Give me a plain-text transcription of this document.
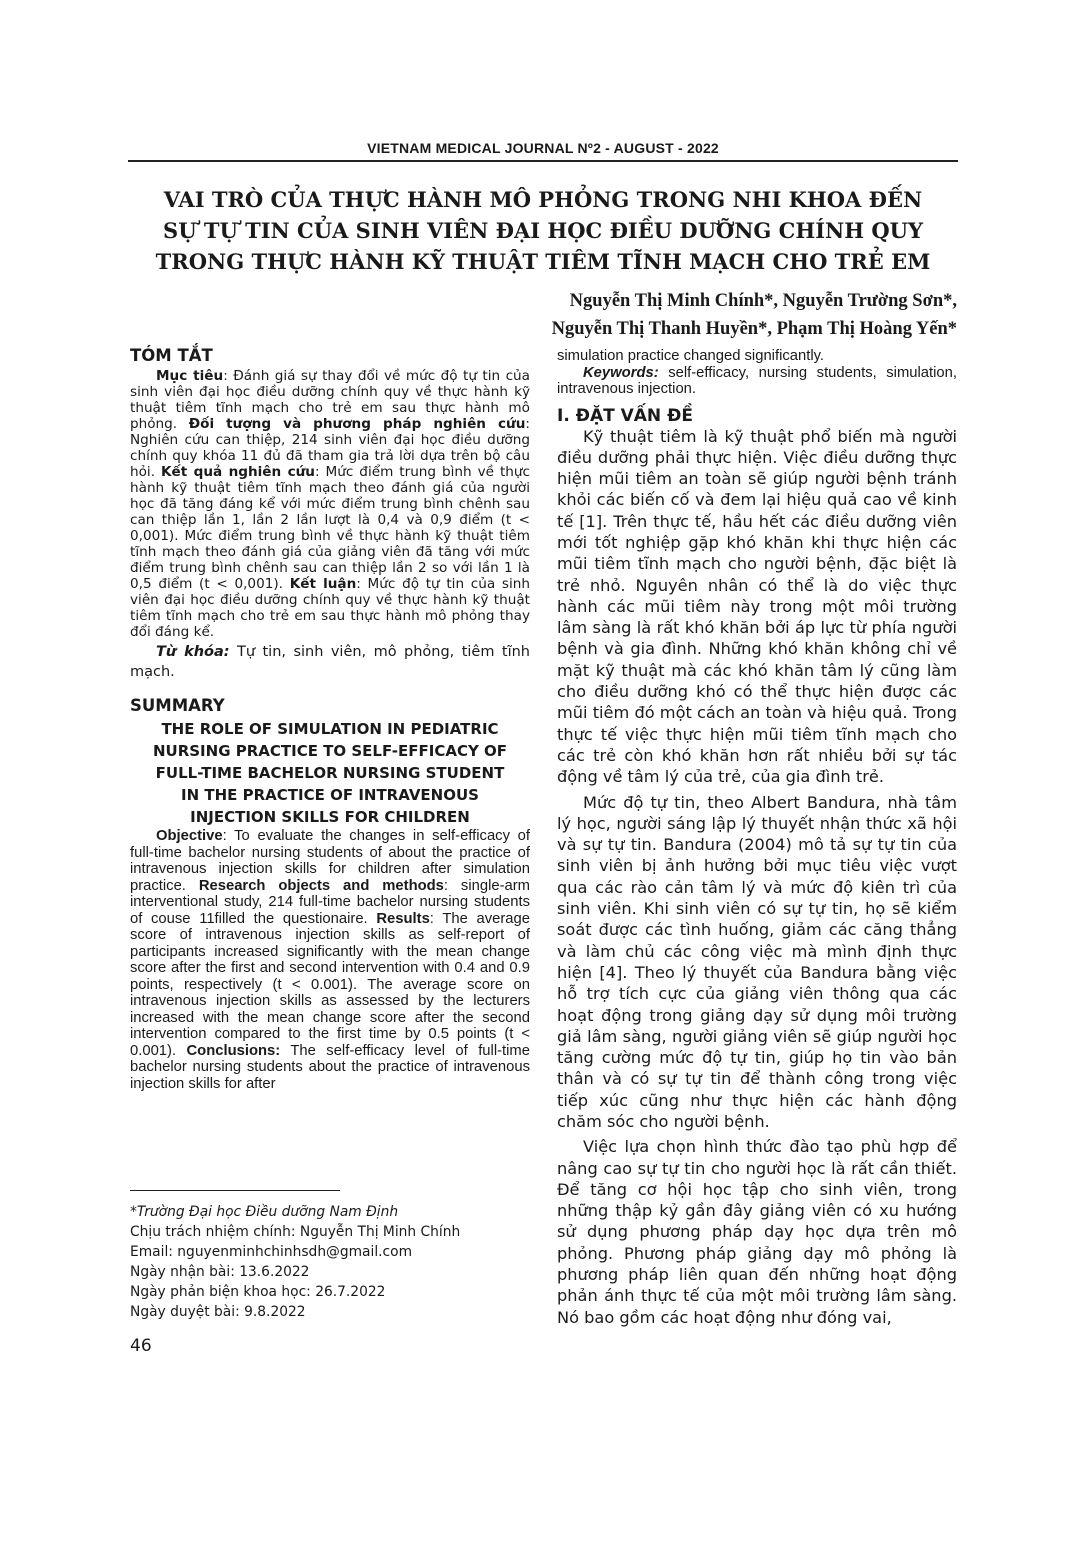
VIETNAM MEDICAL JOURNAL Nº2 - AUGUST - 2022
VAI TRÒ CỦA THỰC HÀNH MÔ PHỎNG TRONG NHI KHOA ĐẾN
SỰ TỰ TIN CỦA SINH VIÊN ĐẠI HỌC ĐIỀU DƯỠNG CHÍNH QUY
TRONG THỰC HÀNH KỸ THUẬT TIÊM TĨNH MẠCH CHO TRẺ EM
Nguyễn Thị Minh Chính*, Nguyễn Trường Sơn*,
Nguyễn Thị Thanh Huyền*, Phạm Thị Hoàng Yến*
TÓM TẮT

Mục tiêu: Đánh giá sự thay đổi về mức độ tự tin của sinh viên đại học điều dưỡng chính quy về thực hành kỹ thuật tiêm tĩnh mạch cho trẻ em sau thực hành mô phỏng. Đối tượng và phương pháp nghiên cứu: Nghiên cứu can thiệp, 214 sinh viên đại học điều dưỡng chính quy khóa 11 đủ đã tham gia trả lời dựa trên bộ câu hỏi. Kết quả nghiên cứu: Mức điểm trung bình về thực hành kỹ thuật tiêm tĩnh mạch theo đánh giá của người học đã tăng đáng kể với mức điểm trung bình chênh sau can thiệp lần 1, lần 2 lần lượt là 0,4 và 0,9 điểm (t < 0,001). Mức điểm trung bình về thực hành kỹ thuật tiêm tĩnh mạch theo đánh giá của giảng viên đã tăng với mức điểm trung bình chênh sau can thiệp lần 2 so với lần 1 là 0,5 điểm (t < 0,001). Kết luận: Mức độ tự tin của sinh viên đại học điều dưỡng chính quy về thực hành kỹ thuật tiêm tĩnh mạch cho trẻ em sau thực hành mô phỏng thay đổi đáng kể.

Từ khóa: Tự tin, sinh viên, mô phỏng, tiêm tĩnh mạch.

SUMMARY

THE ROLE OF SIMULATION IN PEDIATRIC

NURSING PRACTICE TO SELF-EFFICACY OF

FULL-TIME BACHELOR NURSING STUDENT

IN THE PRACTICE OF INTRAVENOUS

INJECTION SKILLS FOR CHILDREN

Objective: To evaluate the changes in self-efficacy of full-time bachelor nursing students of about the practice of intravenous injection skills for children after simulation practice. Research objects and methods: single-arm interventional study, 214 full-time bachelor nursing students of couse 11filled the questionaire. Results: The average score of intravenous injection skills as self-report of participants increased significantly with the mean change score after the first and second intervention with 0.4 and 0.9 points, respectively (t < 0.001). The average score on intravenous injection skills as assessed by the lecturers increased with the mean change score after the second intervention compared to the first time by 0.5 points (t < 0.001). Conclusions: The self-efficacy level of full-time bachelor nursing students about the practice of intravenous injection skills for after

*Trường Đại học Điều dưỡng Nam Định
Chịu trách nhiệm chính: Nguyễn Thị Minh Chính
Email: nguyenminhchinhsdh@gmail.com
Ngày nhận bài: 13.6.2022
Ngày phản biện khoa học: 26.7.2022
Ngày duyệt bài: 9.8.2022
46

simulation practice changed significantly.

Keywords: self-efficacy, nursing students, simulation, intravenous injection.

I. ĐẶT VẤN ĐỀ

Kỹ thuật tiêm là kỹ thuật phổ biến mà người điều dưỡng phải thực hiện. Việc điều dưỡng thực hiện mũi tiêm an toàn sẽ giúp người bệnh tránh khỏi các biến cố và đem lại hiệu quả cao về kinh tế [1]. Trên thực tế, hầu hết các điều dưỡng viên mới tốt nghiệp gặp khó khăn khi thực hiện các mũi tiêm tĩnh mạch cho người bệnh, đặc biệt là trẻ nhỏ. Nguyên nhân có thể là do việc thực hành các mũi tiêm này trong một môi trường lâm sàng là rất khó khăn bởi áp lực từ phía người bệnh và gia đình. Những khó khăn không chỉ về mặt kỹ thuật mà các khó khăn tâm lý cũng làm cho điều dưỡng khó có thể thực hiện được các mũi tiêm đó một cách an toàn và hiệu quả. Trong thực tế việc thực hiện mũi tiêm tĩnh mạch cho các trẻ còn khó khăn hơn rất nhiều bởi sự tác động về tâm lý của trẻ, của gia đình trẻ.

Mức độ tự tin, theo Albert Bandura, nhà tâm lý học, người sáng lập lý thuyết nhận thức xã hội và sự tự tin. Bandura (2004) mô tả sự tự tin của sinh viên bị ảnh hưởng bởi mục tiêu việc vượt qua các rào cản tâm lý và mức độ kiên trì của sinh viên. Khi sinh viên có sự tự tin, họ sẽ kiểm soát được các tình huống, giảm các căng thẳng và làm chủ các công việc mà mình định thực hiện [4]. Theo lý thuyết của Bandura bằng việc hỗ trợ tích cực của giảng viên thông qua các hoạt động trong giảng dạy sử dụng môi trường giả lâm sàng, người giảng viên sẽ giúp người học tăng cường mức độ tự tin, giúp họ tin vào bản thân và có sự tự tin để thành công trong việc tiếp xúc cũng như thực hiện các hành động chăm sóc cho người bệnh.

Việc lựa chọn hình thức đào tạo phù hợp để nâng cao sự tự tin cho người học là rất cần thiết. Để tăng cơ hội học tập cho sinh viên, trong những thập kỷ gần đây giảng viên có xu hướng sử dụng phương pháp dạy học dựa trên mô phỏng. Phương pháp giảng dạy mô phỏng là phương pháp liên quan đến những hoạt động phản ánh thực tế của một môi trường lâm sàng. Nó bao gồm các hoạt động như đóng vai,
